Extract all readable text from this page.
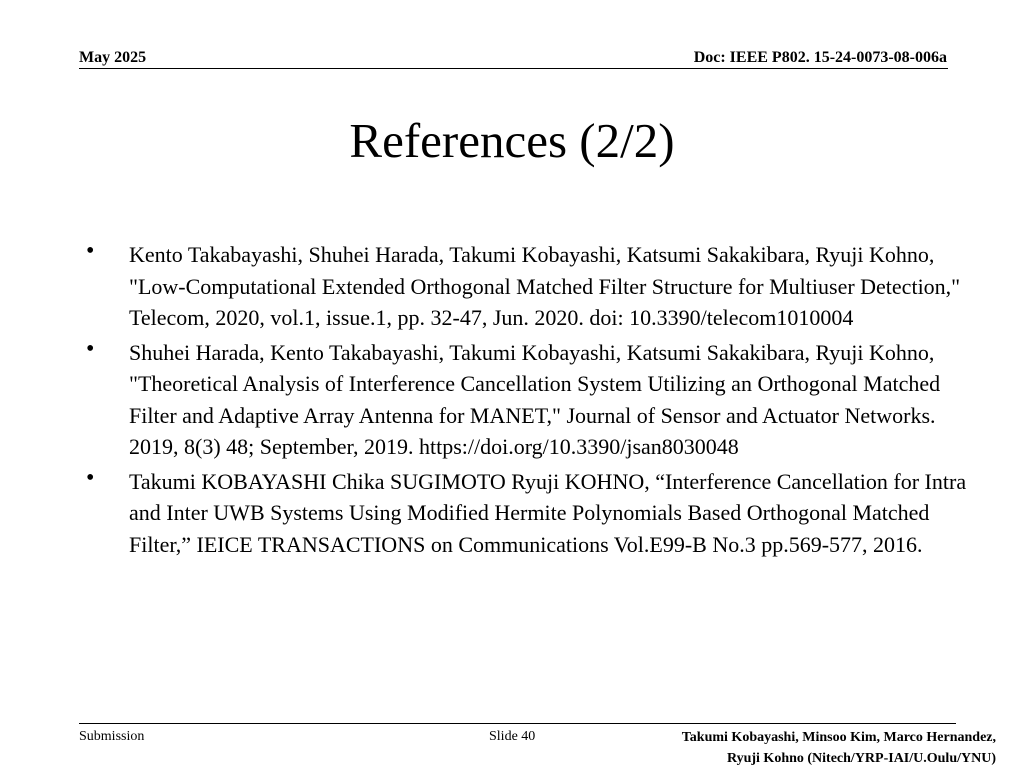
May 2025	Doc: IEEE P802. 15-24-0073-08-006a
References (2/2)
• Kento Takabayashi, Shuhei Harada, Takumi Kobayashi, Katsumi Sakakibara, Ryuji Kohno, "Low-Computational Extended Orthogonal Matched Filter Structure for Multiuser Detection," Telecom, 2020, vol.1, issue.1, pp. 32-47, Jun. 2020. doi: 10.3390/telecom1010004
• Shuhei Harada, Kento Takabayashi, Takumi Kobayashi, Katsumi Sakakibara, Ryuji Kohno, "Theoretical Analysis of Interference Cancellation System Utilizing an Orthogonal Matched Filter and Adaptive Array Antenna for MANET," Journal of Sensor and Actuator Networks. 2019, 8(3) 48; September, 2019. https://doi.org/10.3390/jsan8030048
• Takumi KOBAYASHI Chika SUGIMOTO Ryuji KOHNO, “Interference Cancellation for Intra and Inter UWB Systems Using Modified Hermite Polynomials Based Orthogonal Matched Filter,” IEICE TRANSACTIONS on Communications Vol.E99-B No.3 pp.569-577, 2016.
Submission	Slide 40	Takumi Kobayashi, Minsoo Kim, Marco Hernandez,
Ryuji Kohno (Nitech/YRP-IAI/U.Oulu/YNU)
